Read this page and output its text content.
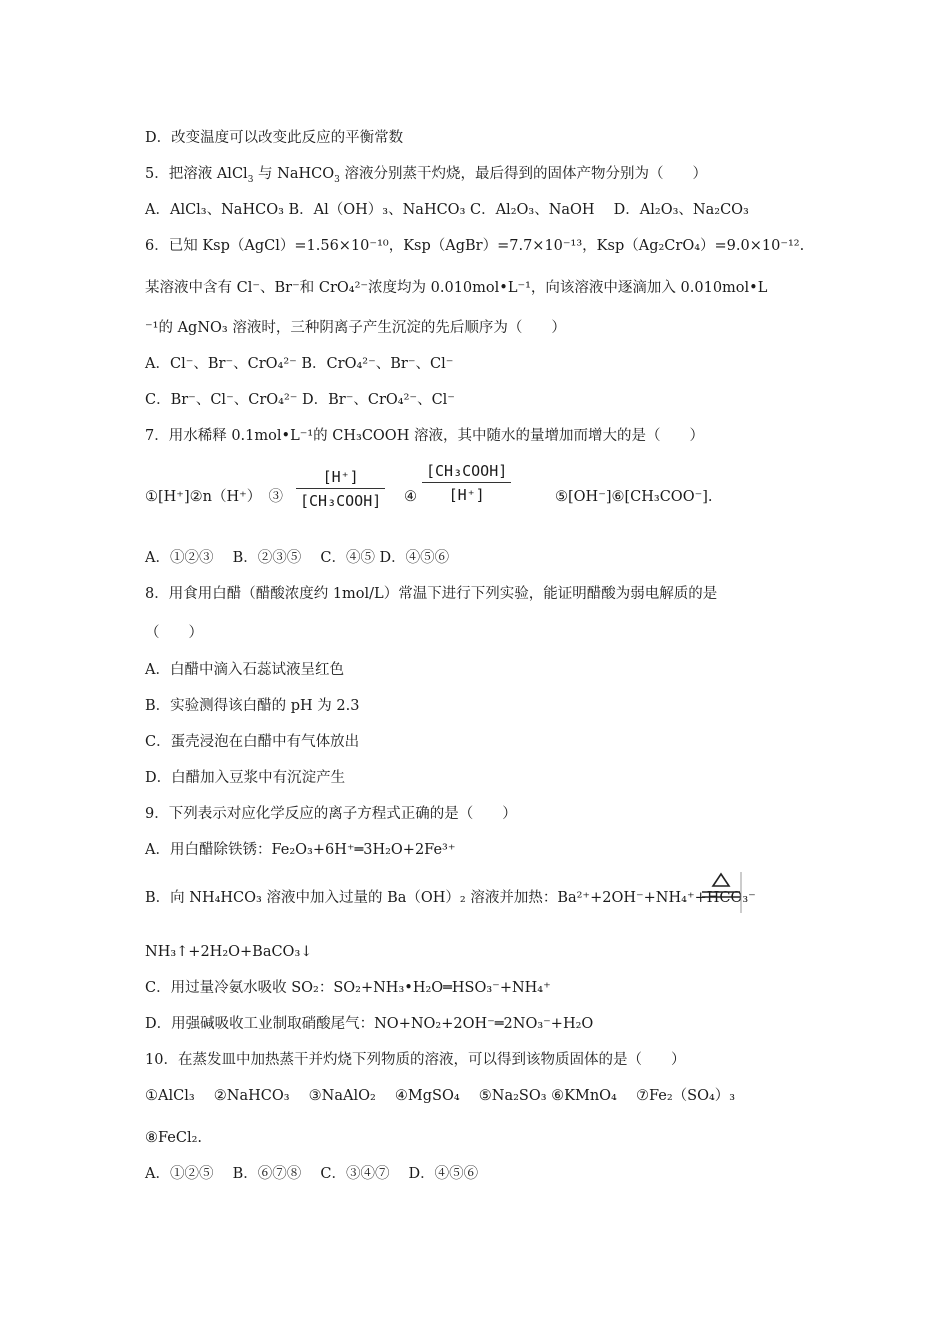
D．改变温度可以改变此反应的平衡常数
5．把溶液 AlCl$_3$ 与 NaHCO$_3$ 溶液分别蒸干灼烧，最后得到的固体产物分别为（　　）
A．AlCl₃、NaHCO₃ B．Al（OH）₃、NaHCO₃ C．Al₂O₃、NaOH　 D．Al₂O₃、Na₂CO₃
6．已知 Ksp（AgCl）=1.56×10⁻¹⁰，Ksp（AgBr）=7.7×10⁻¹³，Ksp（Ag₂CrO₄）=9.0×10⁻¹².
某溶液中含有 Cl⁻、Br⁻和 CrO₄²⁻浓度均为 0.010mol•L⁻¹，向该溶液中逐滴加入 0.010mol•L
⁻¹的 AgNO₃ 溶液时，三种阴离子产生沉淀的先后顺序为（　　）
A．Cl⁻、Br⁻、CrO₄²⁻ B．CrO₄²⁻、Br⁻、Cl⁻
C．Br⁻、Cl⁻、CrO₄²⁻ D．Br⁻、CrO₄²⁻、Cl⁻
7．用水稀释 0.1mol•L⁻¹的 CH₃COOH 溶液，其中随水的量增加而增大的是（　　）
①[H⁺]②n（H⁺）　③
[H⁺]
[CH₃COOH] ④
[CH₃COOH]
[H⁺]	⑤[OH⁻]⑥[CH₃COO⁻].
A．①②③　 B．②③⑤　 C．④⑤ D．④⑤⑥
8．用食用白醋（醋酸浓度约 1mol/L）常温下进行下列实验，能证明醋酸为弱电解质的是
（　　）
A．白醋中滴入石蕊试液呈红色
B．实验测得该白醋的 pH 为 2.3
C．蛋壳浸泡在白醋中有气体放出
D．白醋加入豆浆中有沉淀产生
9．下列表示对应化学反应的离子方程式正确的是（　　）
A．用白醋除铁锈：Fe₂O₃+6H⁺═3H₂O+2Fe³⁺
B．向 NH₄HCO₃ 溶液中加入过量的 Ba（OH）₂ 溶液并加热：Ba²⁺+2OH⁻+NH₄⁺+HCO₃⁻
NH₃↑+2H₂O+BaCO₃↓
C．用过量冷氨水吸收 SO₂：SO₂+NH₃•H₂O═HSO₃⁻+NH₄⁺
D．用强碱吸收工业制取硝酸尾气：NO+NO₂+2OH⁻═2NO₃⁻+H₂O
10．在蒸发皿中加热蒸干并灼烧下列物质的溶液，可以得到该物质固体的是（　　）
①AlCl₃　 ②NaHCO₃　 ③NaAlO₂　 ④MgSO₄　 ⑤Na₂SO₃ ⑥KMnO₄　 ⑦Fe₂（SO₄）₃
⑧FeCl₂.
A．①②⑤　 B．⑥⑦⑧　 C．③④⑦　 D．④⑤⑥
